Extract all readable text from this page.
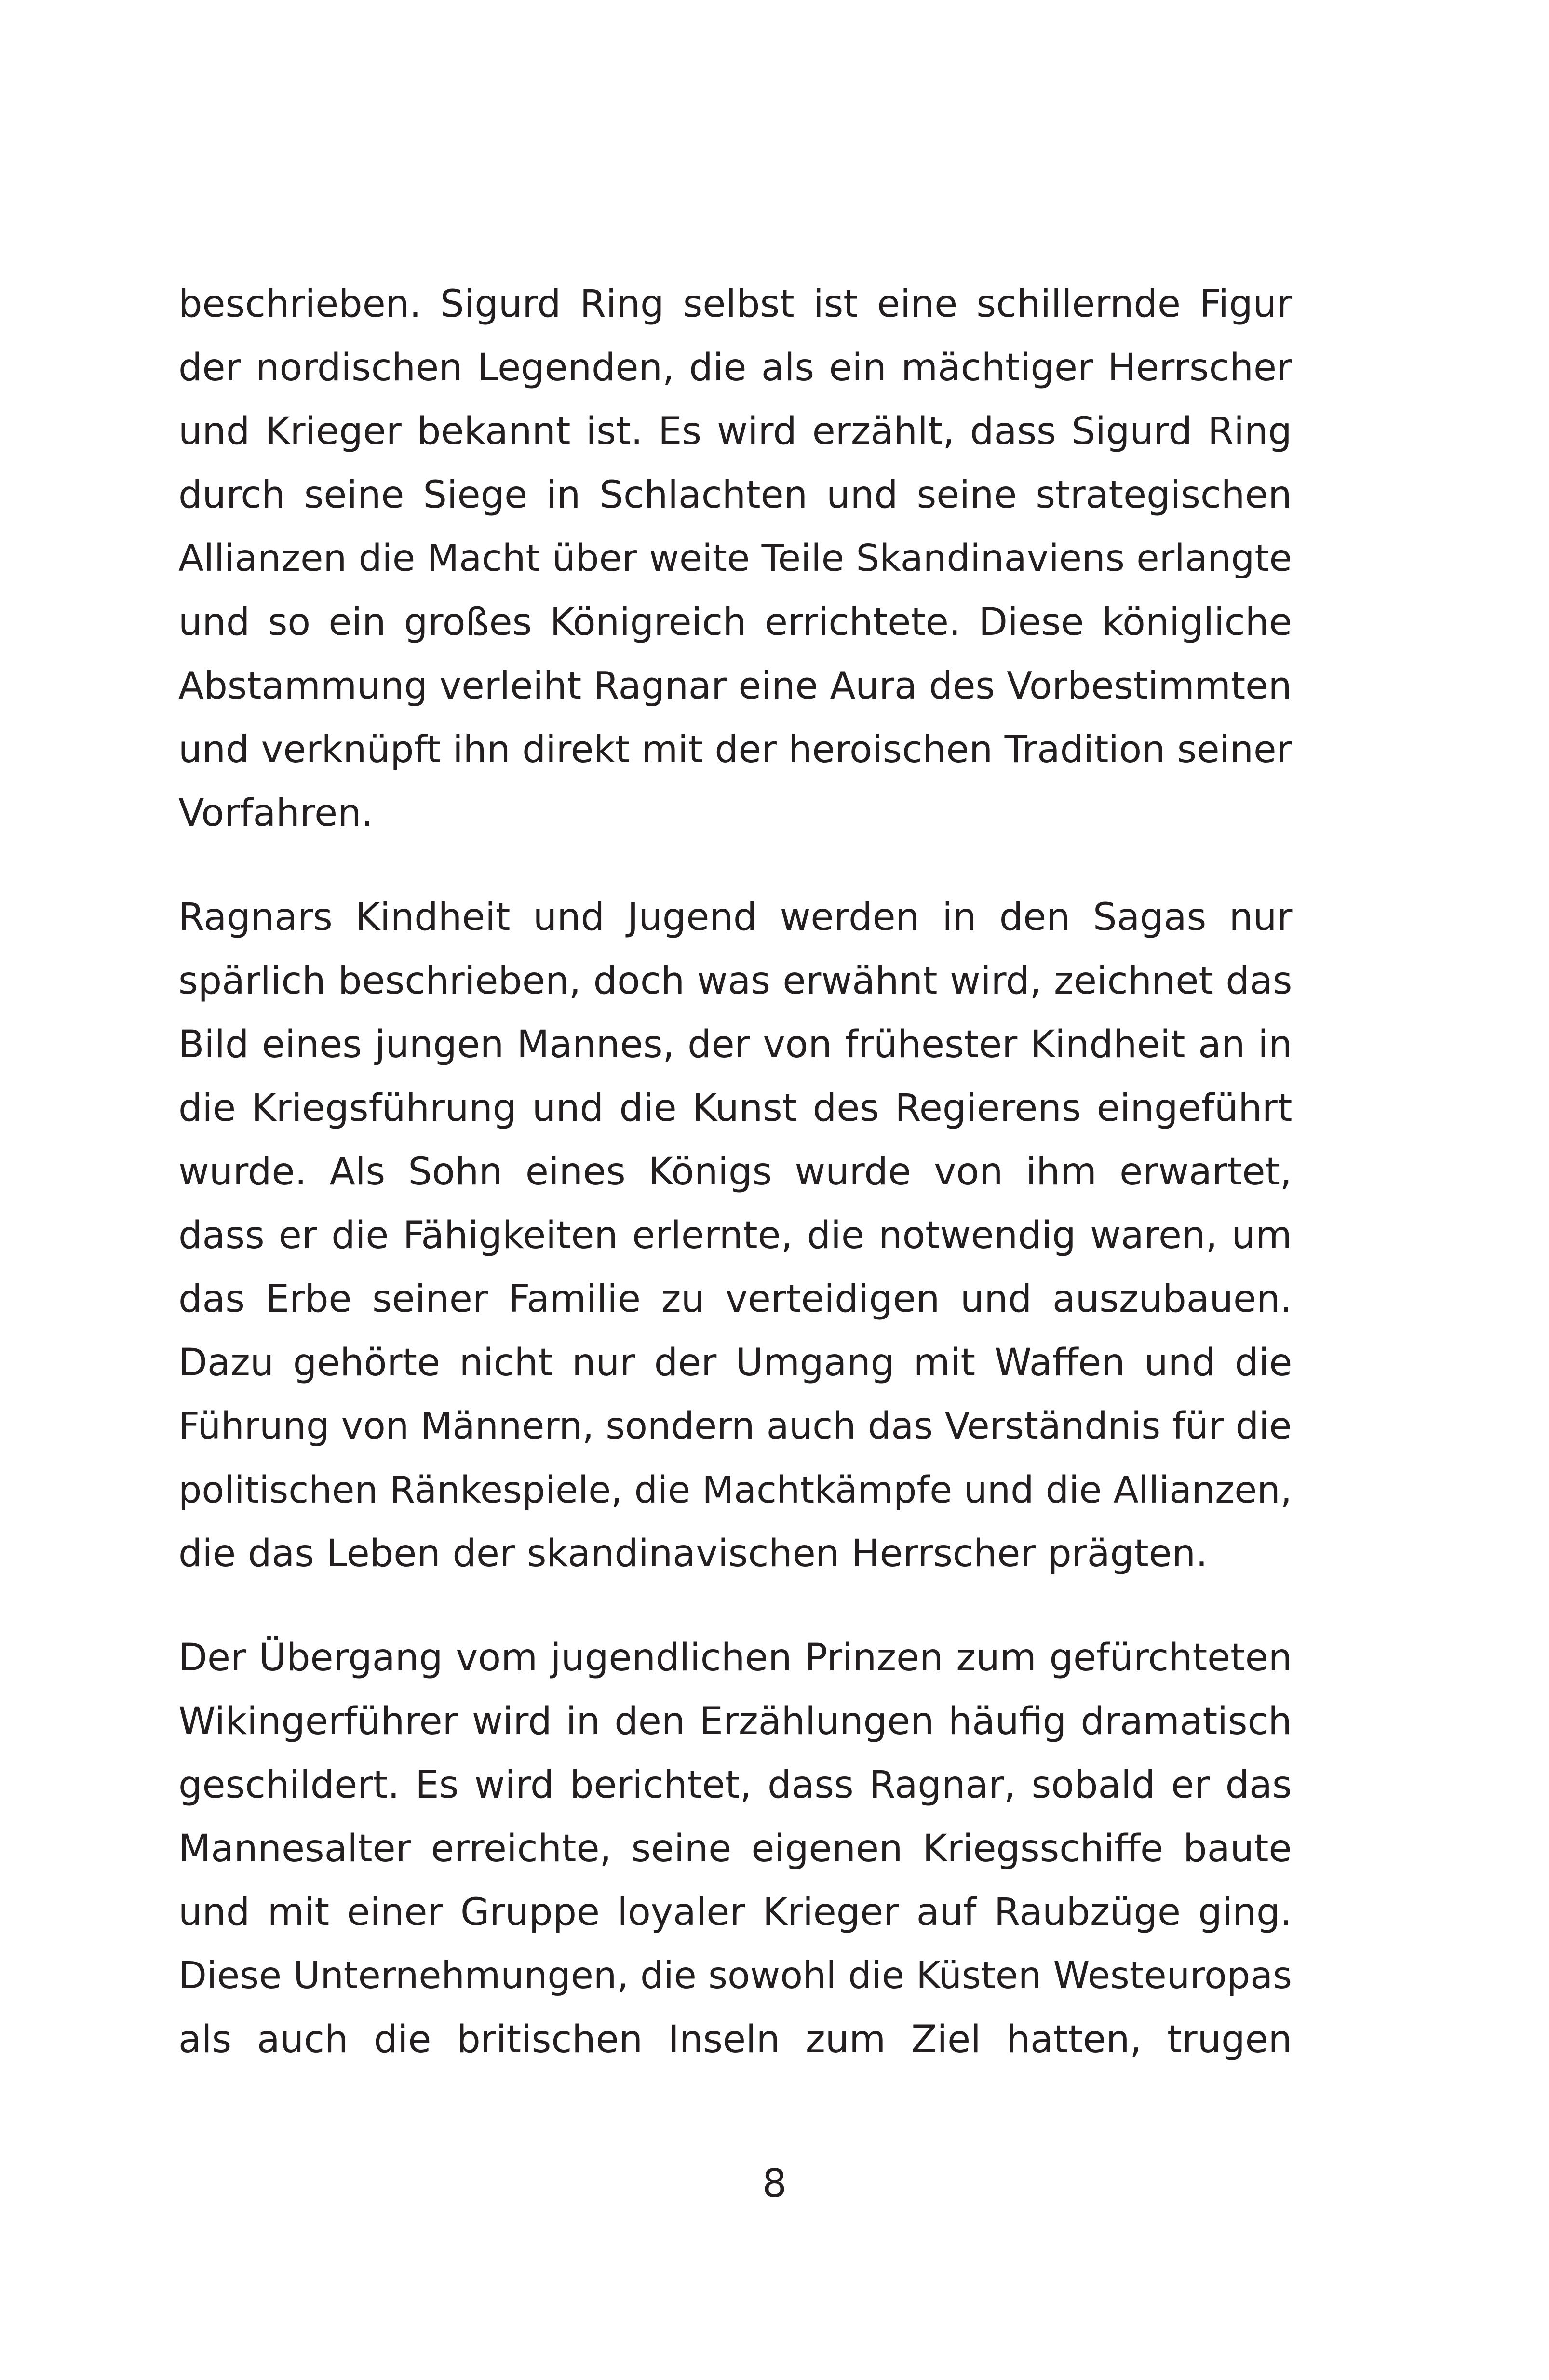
beschrieben. Sigurd Ring selbst ist eine schillernde Figur
der nordischen Legenden, die als ein mächtiger Herrscher
und Krieger bekannt ist. Es wird erzählt, dass Sigurd Ring
durch seine Siege in Schlachten und seine strategischen
Allianzen die Macht über weite Teile Skandinaviens erlangte
und so ein großes Königreich errichtete. Diese königliche
Abstammung verleiht Ragnar eine Aura des Vorbestimmten
und verknüpft ihn direkt mit der heroischen Tradition seiner
Vorfahren.
Ragnars Kindheit und Jugend werden in den Sagas nur
spärlich beschrieben, doch was erwähnt wird, zeichnet das
Bild eines jungen Mannes, der von frühester Kindheit an in
die Kriegsführung und die Kunst des Regierens eingeführt
wurde. Als Sohn eines Königs wurde von ihm erwartet,
dass er die Fähigkeiten erlernte, die notwendig waren, um
das Erbe seiner Familie zu verteidigen und auszubauen.
Dazu gehörte nicht nur der Umgang mit Waffen und die
Führung von Männern, sondern auch das Verständnis für die
politischen Ränkespiele, die Machtkämpfe und die Allianzen,
die das Leben der skandinavischen Herrscher prägten.
Der Übergang vom jugendlichen Prinzen zum gefürchteten
Wikingerführer wird in den Erzählungen häufig dramatisch
geschildert. Es wird berichtet, dass Ragnar, sobald er das
Mannesalter erreichte, seine eigenen Kriegsschiffe baute
und mit einer Gruppe loyaler Krieger auf Raubzüge ging.
Diese Unternehmungen, die sowohl die Küsten Westeuropas
als auch die britischen Inseln zum Ziel hatten, trugen
8
